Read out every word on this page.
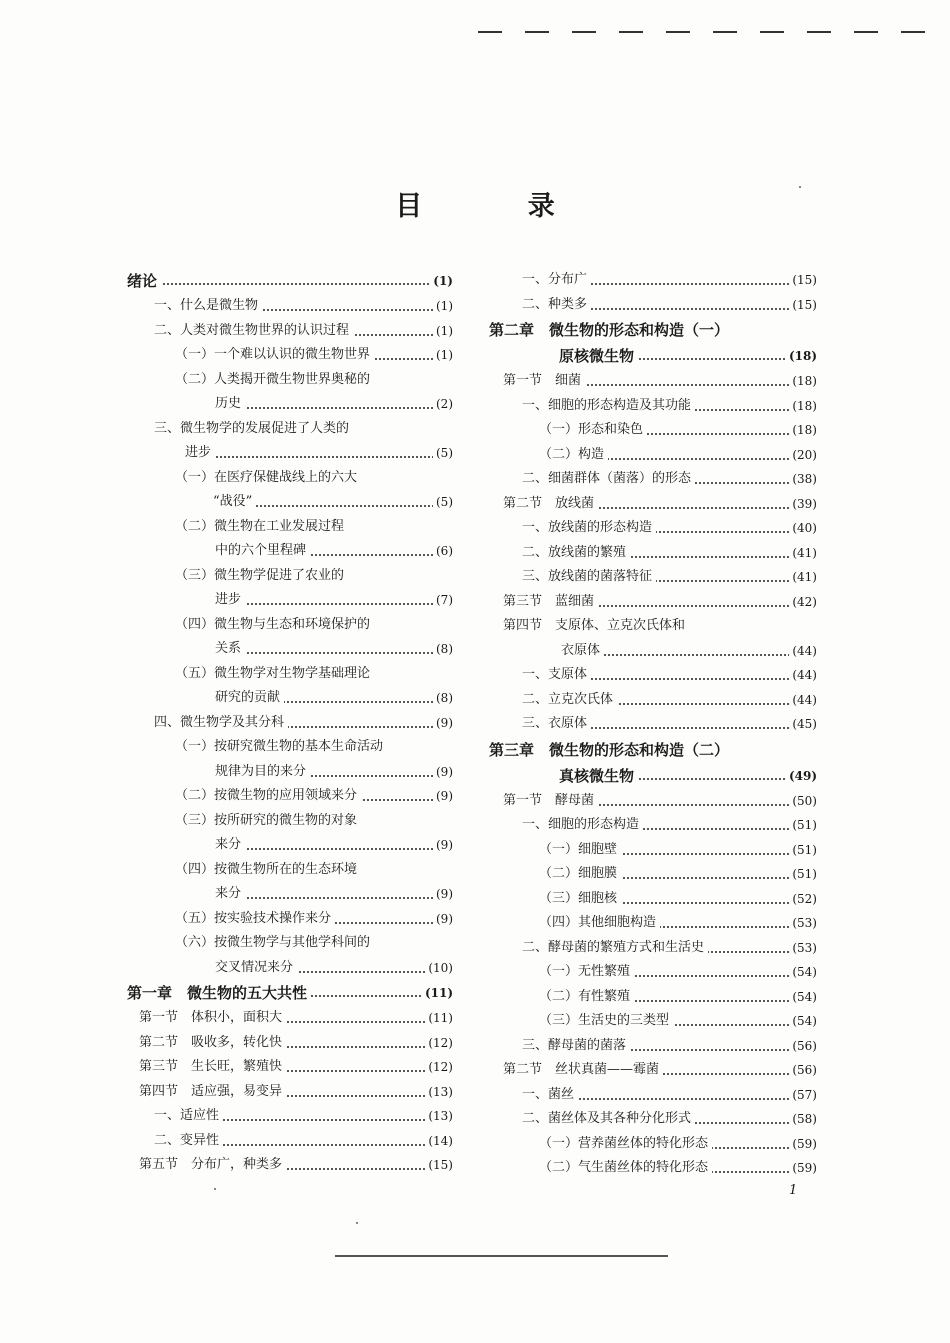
目 录
绪论	(1)
一、什么是微生物	(1)
二、人类对微生物世界的认识过程	(1)
（一）一个难以认识的微生物世界	(1)
（二）人类揭开微生物世界奥秘的
历史	(2)
三、微生物学的发展促进了人类的
进步	(5)
（一）在医疗保健战线上的六大
“战役”	(5)
（二）微生物在工业发展过程
中的六个里程碑	(6)
（三）微生物学促进了农业的
进步	(7)
（四）微生物与生态和环境保护的
关系	(8)
（五）微生物学对生物学基础理论
研究的贡献	(8)
四、微生物学及其分科	(9)
（一）按研究微生物的基本生命活动
规律为目的来分	(9)
（二）按微生物的应用领域来分	(9)
（三）按所研究的微生物的对象
来分	(9)
（四）按微生物所在的生态环境
来分	(9)
（五）按实验技术操作来分	(9)
（六）按微生物学与其他学科间的
交叉情况来分	(10)
第一章　微生物的五大共性	(11)
第一节　体积小，面积大	(11)
第二节　吸收多，转化快	(12)
第三节　生长旺，繁殖快	(12)
第四节　适应强，易变异	(13)
一、适应性	(13)
二、变异性	(14)
第五节　分布广，种类多	(15)
一、分布广	(15)
二、种类多	(15)
第二章　微生物的形态和构造（一）
原核微生物	(18)
第一节　细菌	(18)
一、细胞的形态构造及其功能	(18)
（一）形态和染色	(18)
（二）构造	(20)
二、细菌群体（菌落）的形态	(38)
第二节　放线菌	(39)
一、放线菌的形态构造	(40)
二、放线菌的繁殖	(41)
三、放线菌的菌落特征	(41)
第三节　蓝细菌	(42)
第四节　支原体、立克次氏体和
衣原体	(44)
一、支原体	(44)
二、立克次氏体	(44)
三、衣原体	(45)
第三章　微生物的形态和构造（二）
真核微生物	(49)
第一节　酵母菌	(50)
一、细胞的形态构造	(51)
（一）细胞壁	(51)
（二）细胞膜	(51)
（三）细胞核	(52)
（四）其他细胞构造	(53)
二、酵母菌的繁殖方式和生活史	(53)
（一）无性繁殖	(54)
（二）有性繁殖	(54)
（三）生活史的三类型	(54)
三、酵母菌的菌落	(56)
第二节　丝状真菌——霉菌	(56)
一、菌丝	(57)
二、菌丝体及其各种分化形式	(58)
（一）营养菌丝体的特化形态	(59)
（二）气生菌丝体的特化形态	(59)
1
